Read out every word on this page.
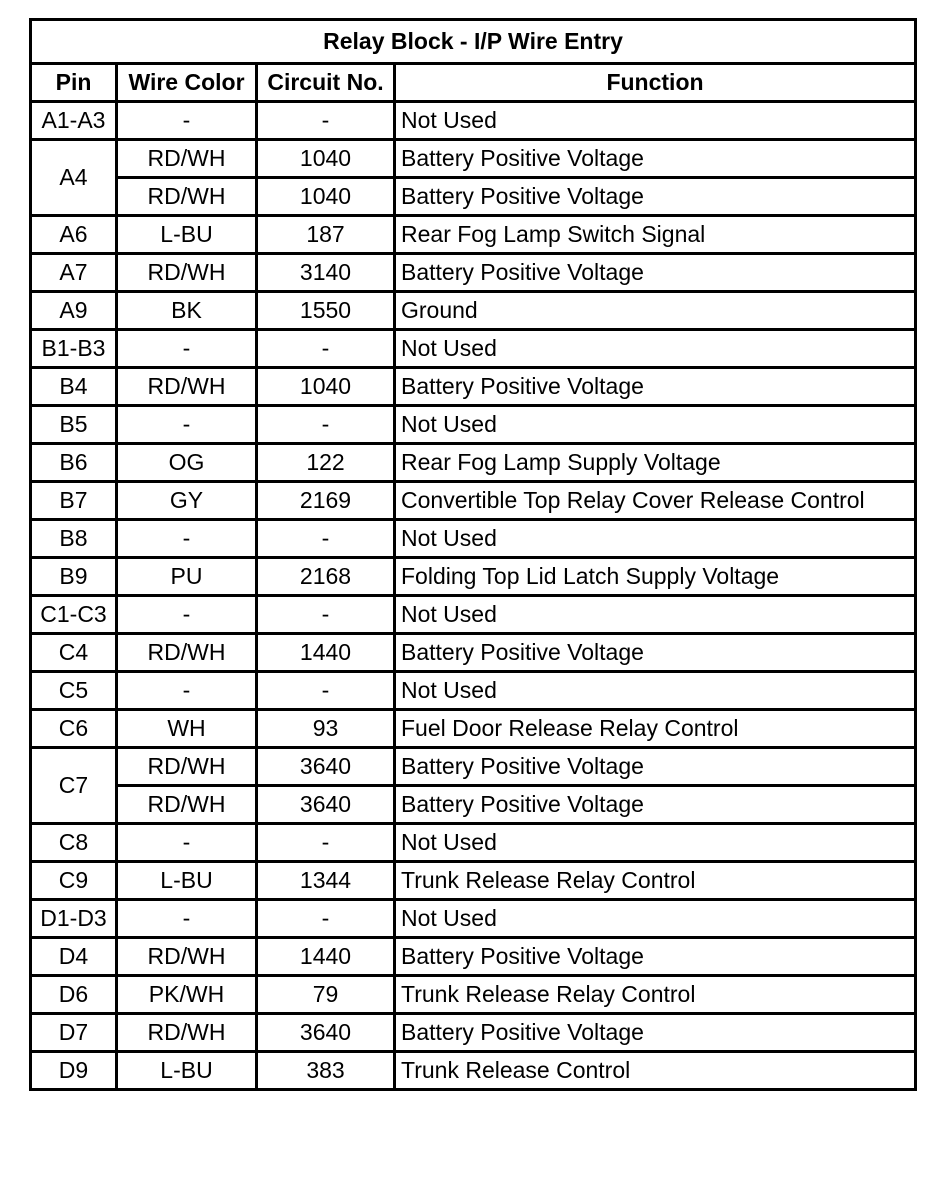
Relay Block - I/P Wire Entry			
Pin	Wire Color	Circuit No.	Function
A1-A3	-	-	Not Used
A4	RD/WH	1040	Battery Positive Voltage
	RD/WH	1040	Battery Positive Voltage
A6	L-BU	187	Rear Fog Lamp Switch Signal
A7	RD/WH	3140	Battery Positive Voltage
A9	BK	1550	Ground
B1-B3	-	-	Not Used
B4	RD/WH	1040	Battery Positive Voltage
B5	-	-	Not Used
B6	OG	122	Rear Fog Lamp Supply Voltage
B7	GY	2169	Convertible Top Relay Cover Release Control
B8	-	-	Not Used
B9	PU	2168	Folding Top Lid Latch Supply Voltage
C1-C3	-	-	Not Used
C4	RD/WH	1440	Battery Positive Voltage
C5	-	-	Not Used
C6	WH	93	Fuel Door Release Relay Control
C7	RD/WH	3640	Battery Positive Voltage
	RD/WH	3640	Battery Positive Voltage
C8	-	-	Not Used
C9	L-BU	1344	Trunk Release Relay Control
D1-D3	-	-	Not Used
D4	RD/WH	1440	Battery Positive Voltage
D6	PK/WH	79	Trunk Release Relay Control
D7	RD/WH	3640	Battery Positive Voltage
D9	L-BU	383	Trunk Release Control
